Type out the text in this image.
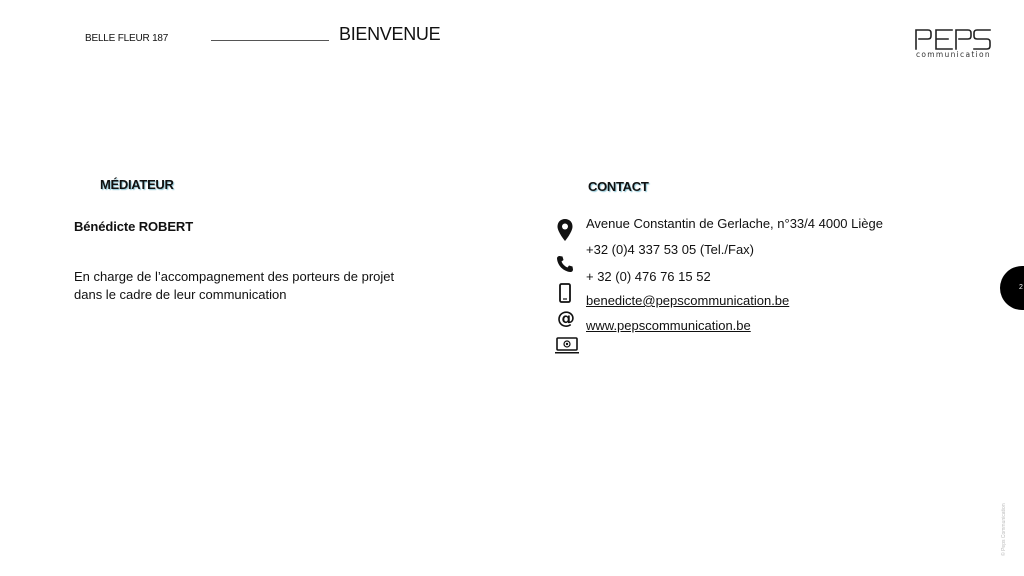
BELLE FLEUR 187	BIENVENUE
communication
MÉDIATEUR
Bénédicte ROBERT
En charge de l’accompagnement des porteurs de projet
dans le cadre de leur communication
CONTACT
@
Avenue Constantin de Gerlache, n°33/4 4000 Liège
+32 (0)4 337 53 05 (Tel./Fax)
+ 32 (0) 476 76 15 52
benedicte@pepscommunication.be
www.pepscommunication.be
2
© Peps Communication
